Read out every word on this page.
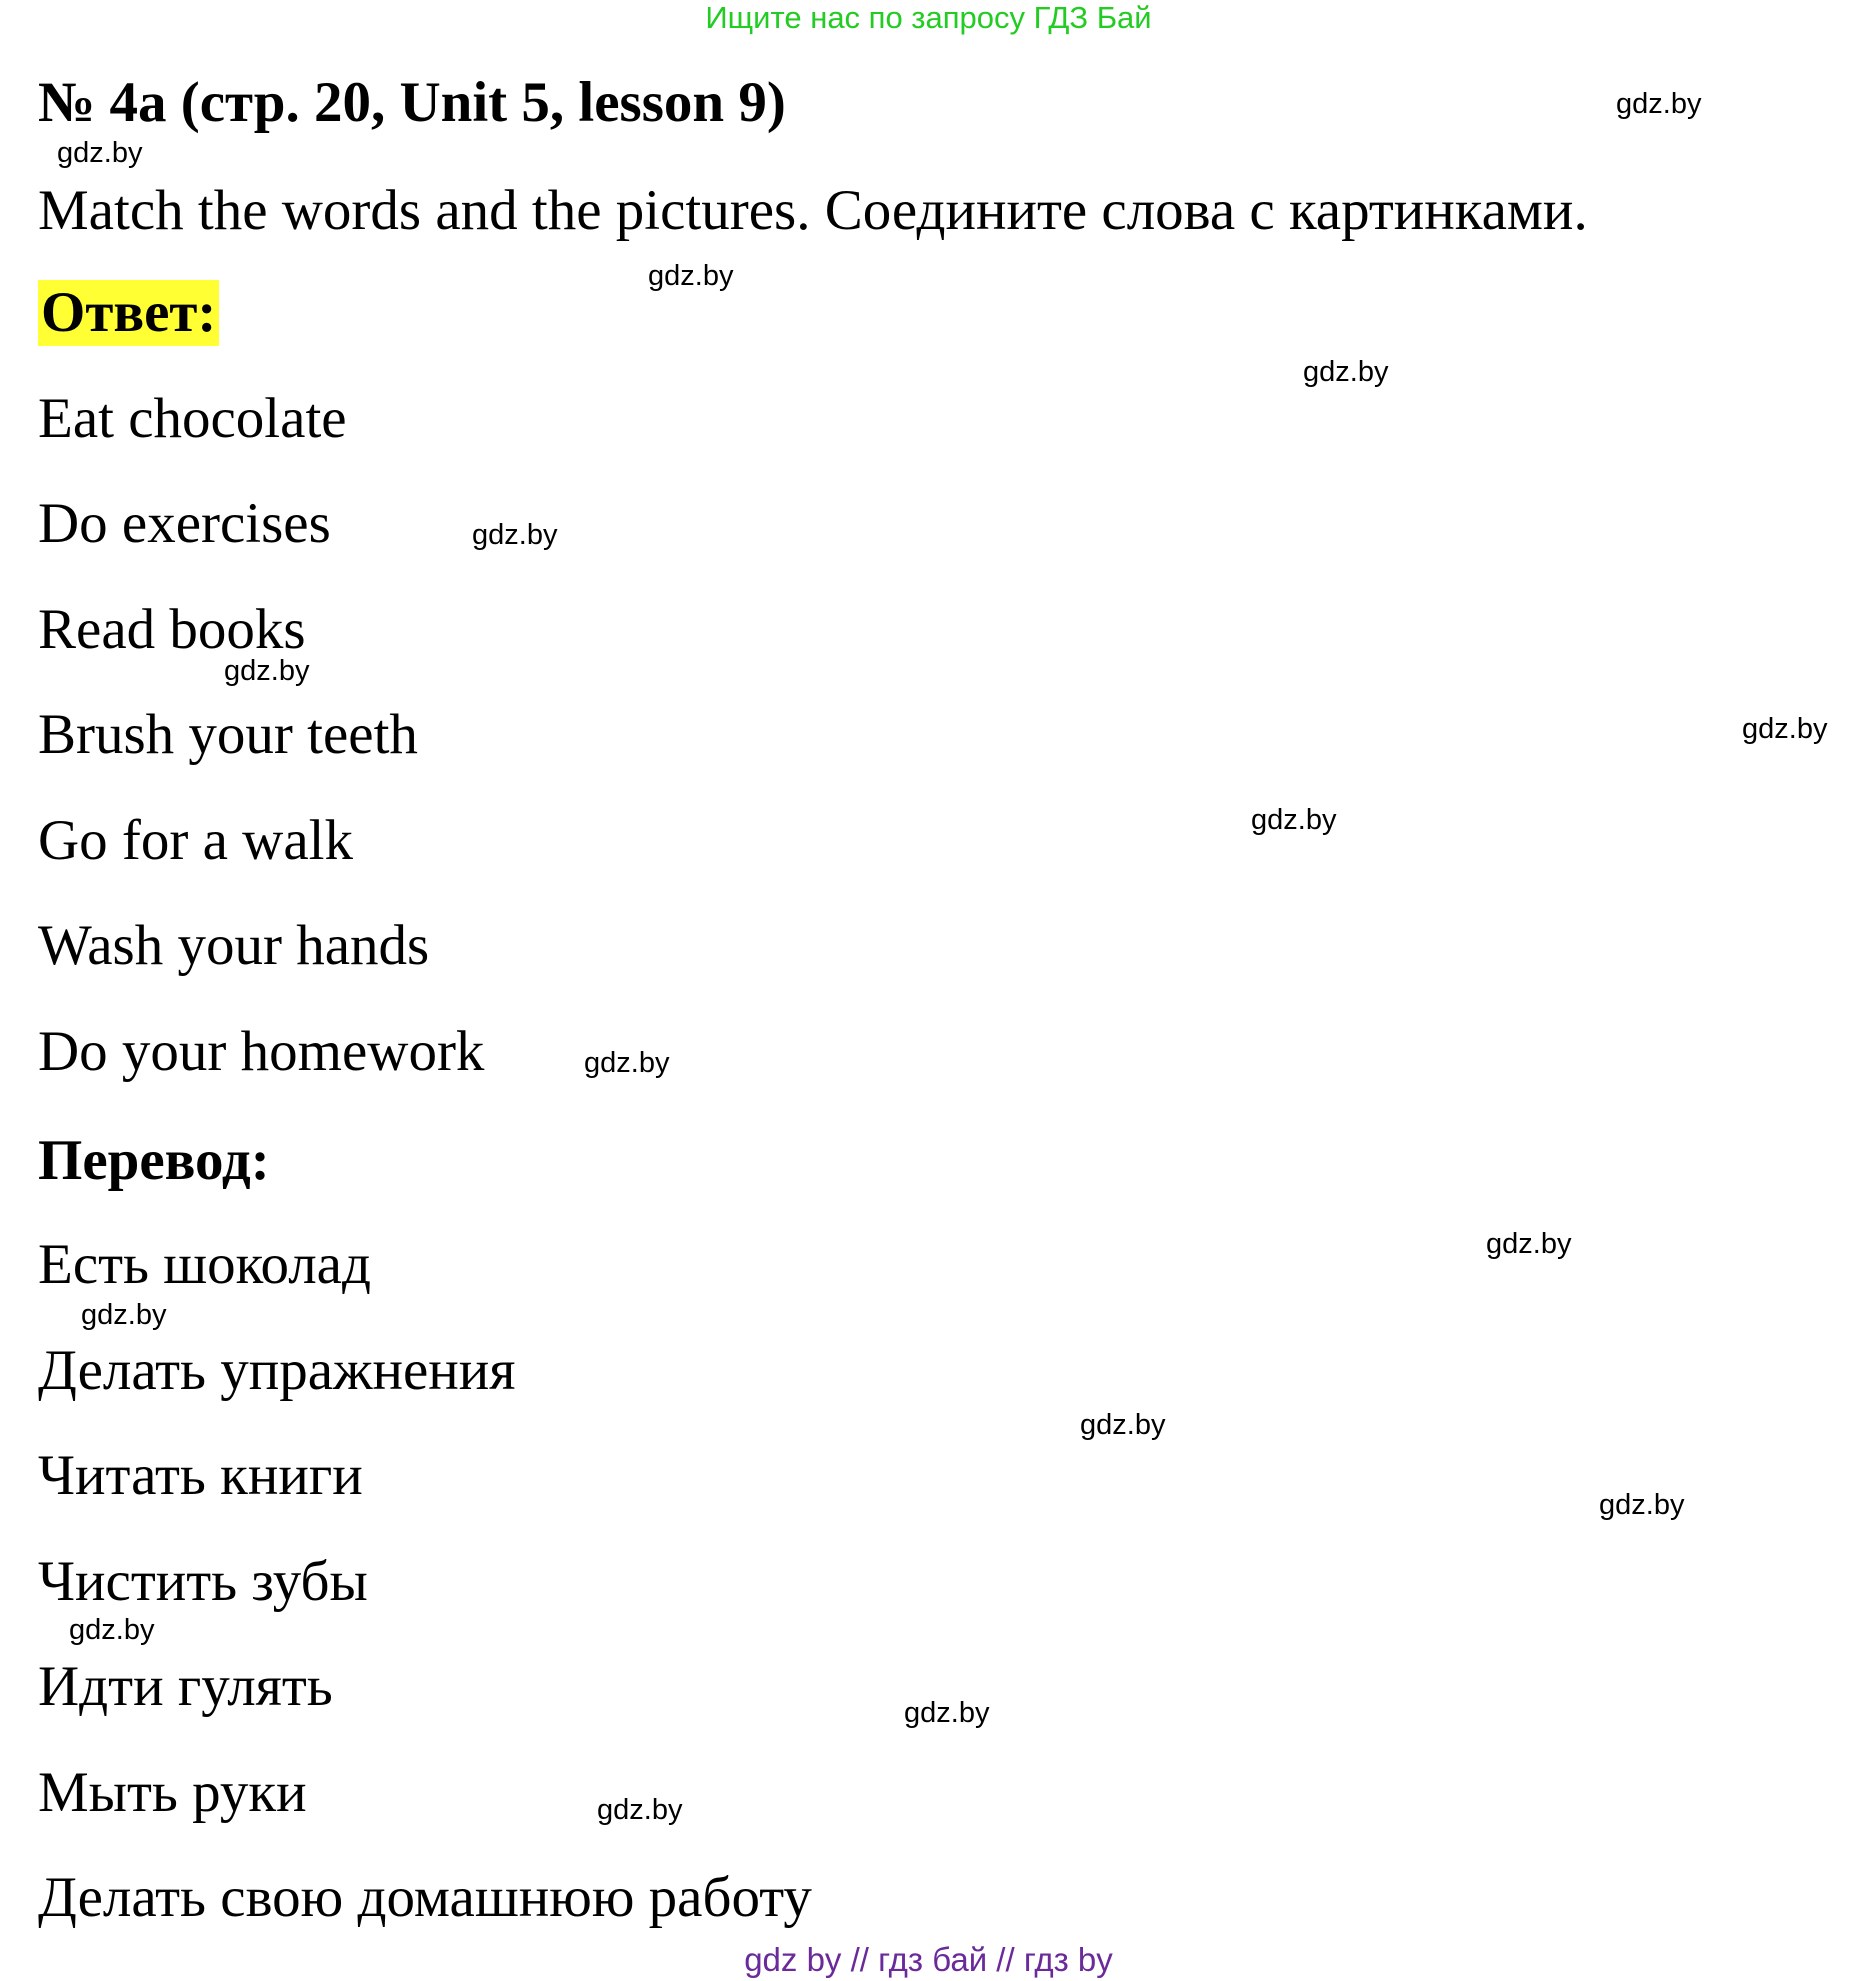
Ищите нас по запросу ГДЗ Бай
№ 4a (стр. 20, Unit 5, lesson 9)
Match the words and the pictures. Соедините слова с картинками.
Ответ:
Eat chocolate
Do exercises
Read books
Brush your teeth
Go for a walk
Wash your hands
Do your homework
Перевод:
Есть шоколад
Делать упражнения
Читать книги
Чистить зубы
Идти гулять
Мыть руки
Делать свою домашнюю работу
gdz.by
gdz.by
gdz.by
gdz.by
gdz.by
gdz.by
gdz.by
gdz.by
gdz.by
gdz.by
gdz.by
gdz.by
gdz.by
gdz.by
gdz.by
gdz.by
gdz by // гдз бай // гдз by
